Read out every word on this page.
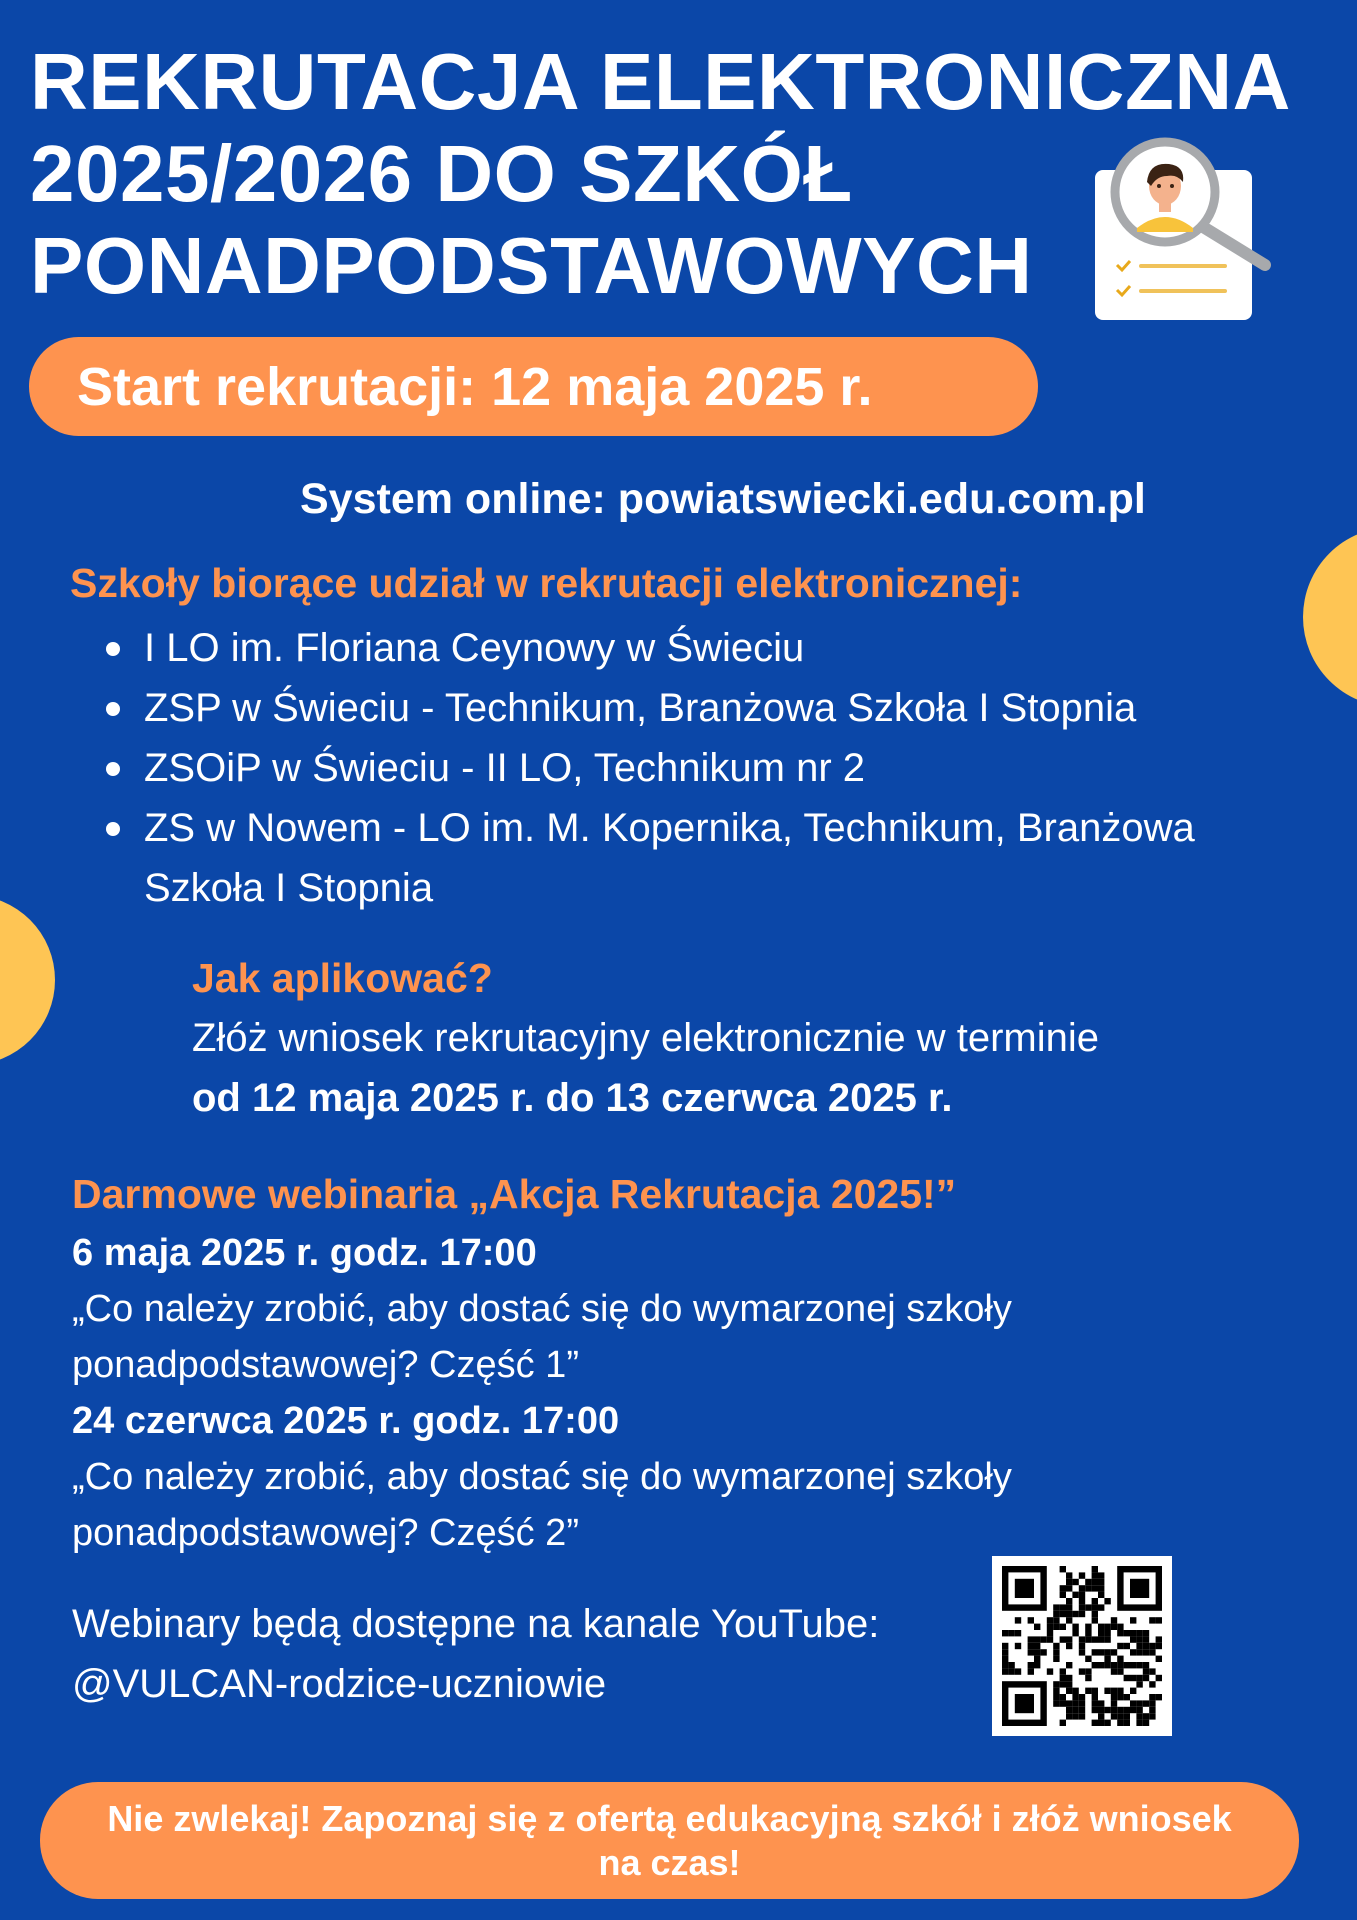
REKRUTACJA ELEKTRONICZNA
2025/2026 DO SZKÓŁ
PONADPODSTAWOWYCH
Start rekrutacji: 12 maja 2025 r.
System online: powiatswiecki.edu.com.pl
Szkoły biorące udział w rekrutacji elektronicznej:
I LO im. Floriana Ceynowy w Świeciu
ZSP w Świeciu - Technikum, Branżowa Szkoła I Stopnia
ZSOiP w Świeciu - II LO, Technikum nr 2
ZS w Nowem - LO im. M. Kopernika, Technikum, Branżowa Szkoła I Stopnia
Jak aplikować?
Złóż wniosek rekrutacyjny elektronicznie w terminie
od 12 maja 2025 r. do 13 czerwca 2025 r.
Darmowe webinaria „Akcja Rekrutacja 2025!”
6 maja 2025 r. godz. 17:00
„Co należy zrobić, aby dostać się do wymarzonej szkoły ponadpodstawowej? Część 1”
24 czerwca 2025 r. godz. 17:00
„Co należy zrobić, aby dostać się do wymarzonej szkoły ponadpodstawowej? Część 2”
Webinary będą dostępne na kanale YouTube:
@VULCAN-rodzice-uczniowie
Nie zwlekaj! Zapoznaj się z ofertą edukacyjną szkół i złóż wniosek na czas!
